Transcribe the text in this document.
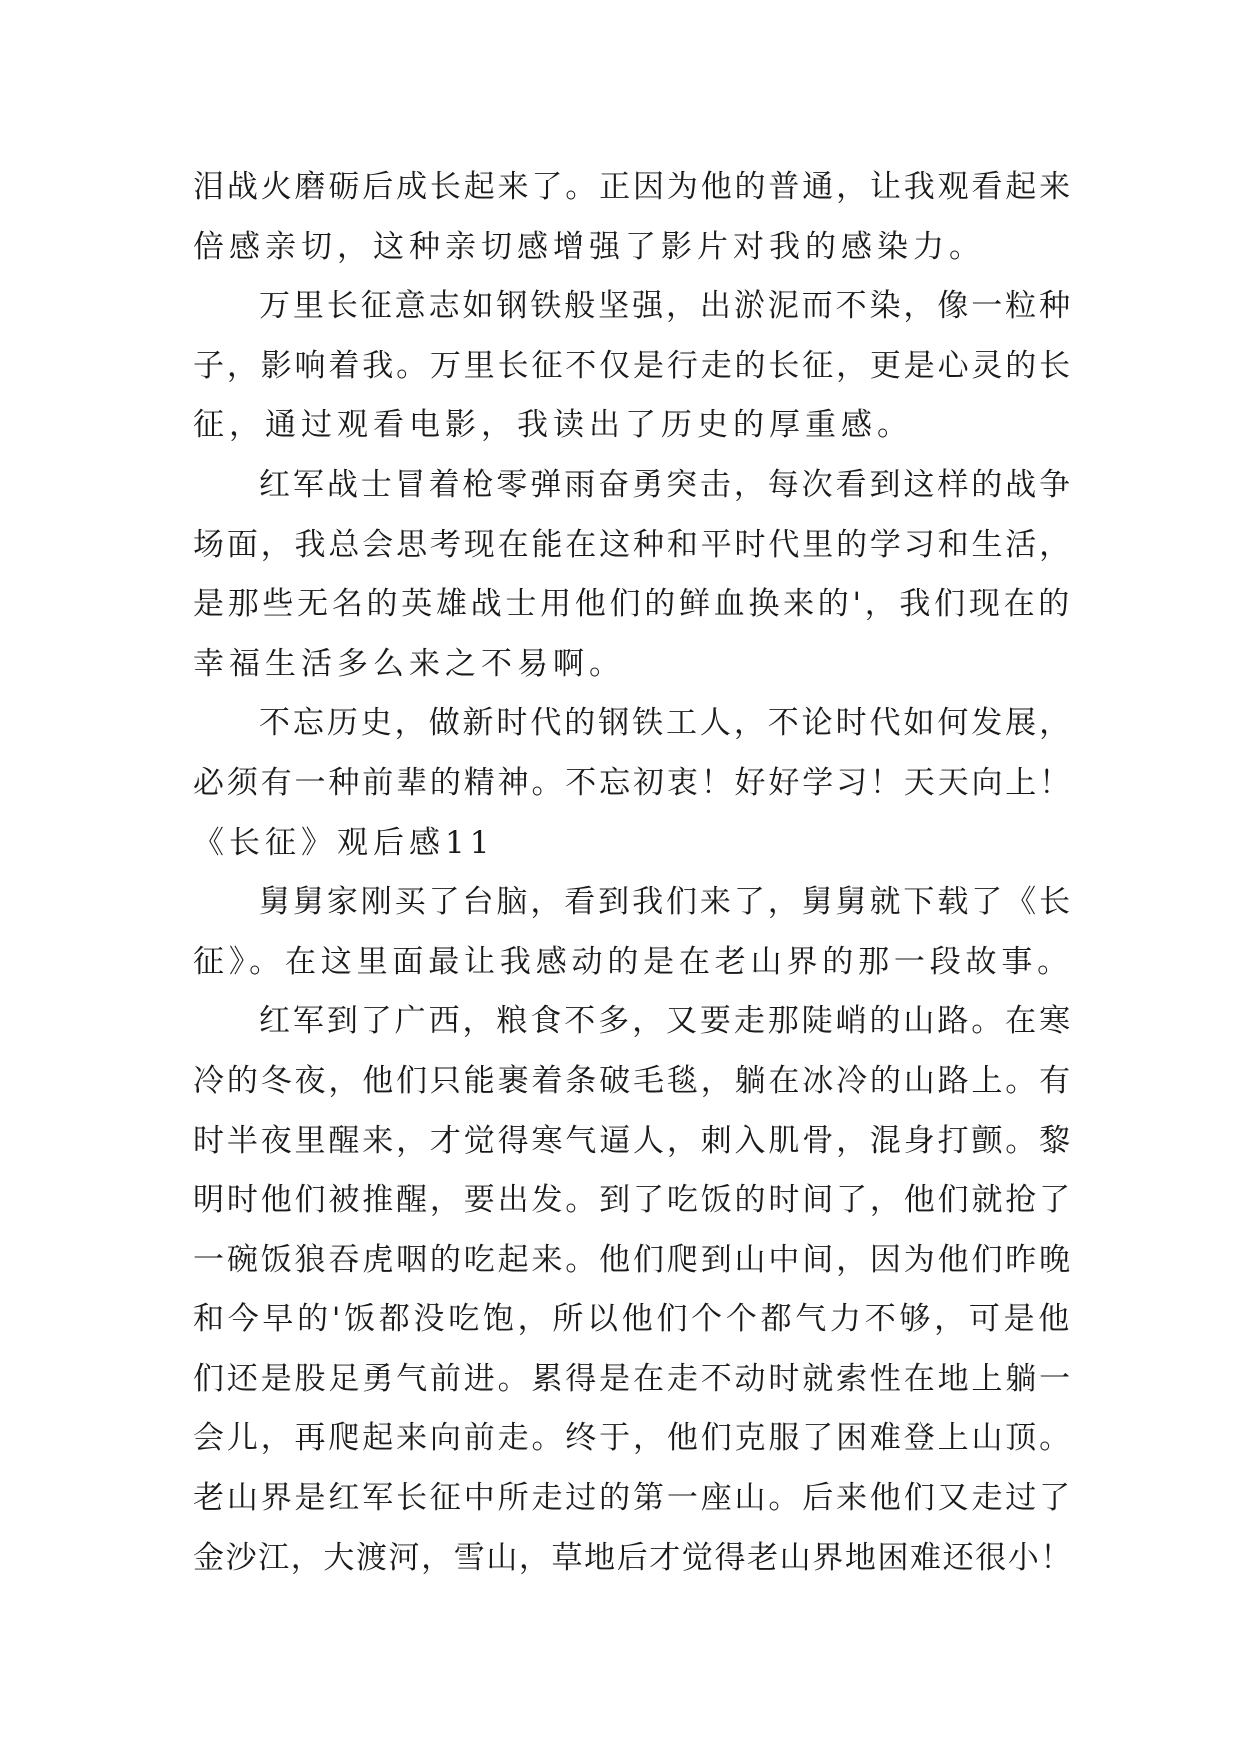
泪战火磨砺后成长起来了。正因为他的普通，让我观看起来
倍感亲切，这种亲切感增强了影片对我的感染力。
万里长征意志如钢铁般坚强，出淤泥而不染，像一粒种
子，影响着我。万里长征不仅是行走的长征，更是心灵的长
征，通过观看电影，我读出了历史的厚重感。
红军战士冒着枪零弹雨奋勇突击，每次看到这样的战争
场面，我总会思考现在能在这种和平时代里的学习和生活，
是那些无名的英雄战士用他们的鲜血换来的'，我们现在的
幸福生活多么来之不易啊。
不忘历史，做新时代的钢铁工人，不论时代如何发展，
必须有一种前辈的精神。不忘初衷！好好学习！天天向上！
《长征》观后感11
舅舅家刚买了台脑，看到我们来了，舅舅就下载了《长
征》。在这里面最让我感动的是在老山界的那一段故事。
红军到了广西，粮食不多，又要走那陡峭的山路。在寒
冷的冬夜，他们只能裹着条破毛毯，躺在冰冷的山路上。有
时半夜里醒来，才觉得寒气逼人，刺入肌骨，混身打颤。黎
明时他们被推醒，要出发。到了吃饭的时间了，他们就抢了
一碗饭狼吞虎咽的吃起来。他们爬到山中间，因为他们昨晚
和今早的'饭都没吃饱，所以他们个个都气力不够，可是他
们还是股足勇气前进。累得是在走不动时就索性在地上躺一
会儿，再爬起来向前走。终于，他们克服了困难登上山顶。
老山界是红军长征中所走过的第一座山。后来他们又走过了
金沙江，大渡河，雪山，草地后才觉得老山界地困难还很小！
